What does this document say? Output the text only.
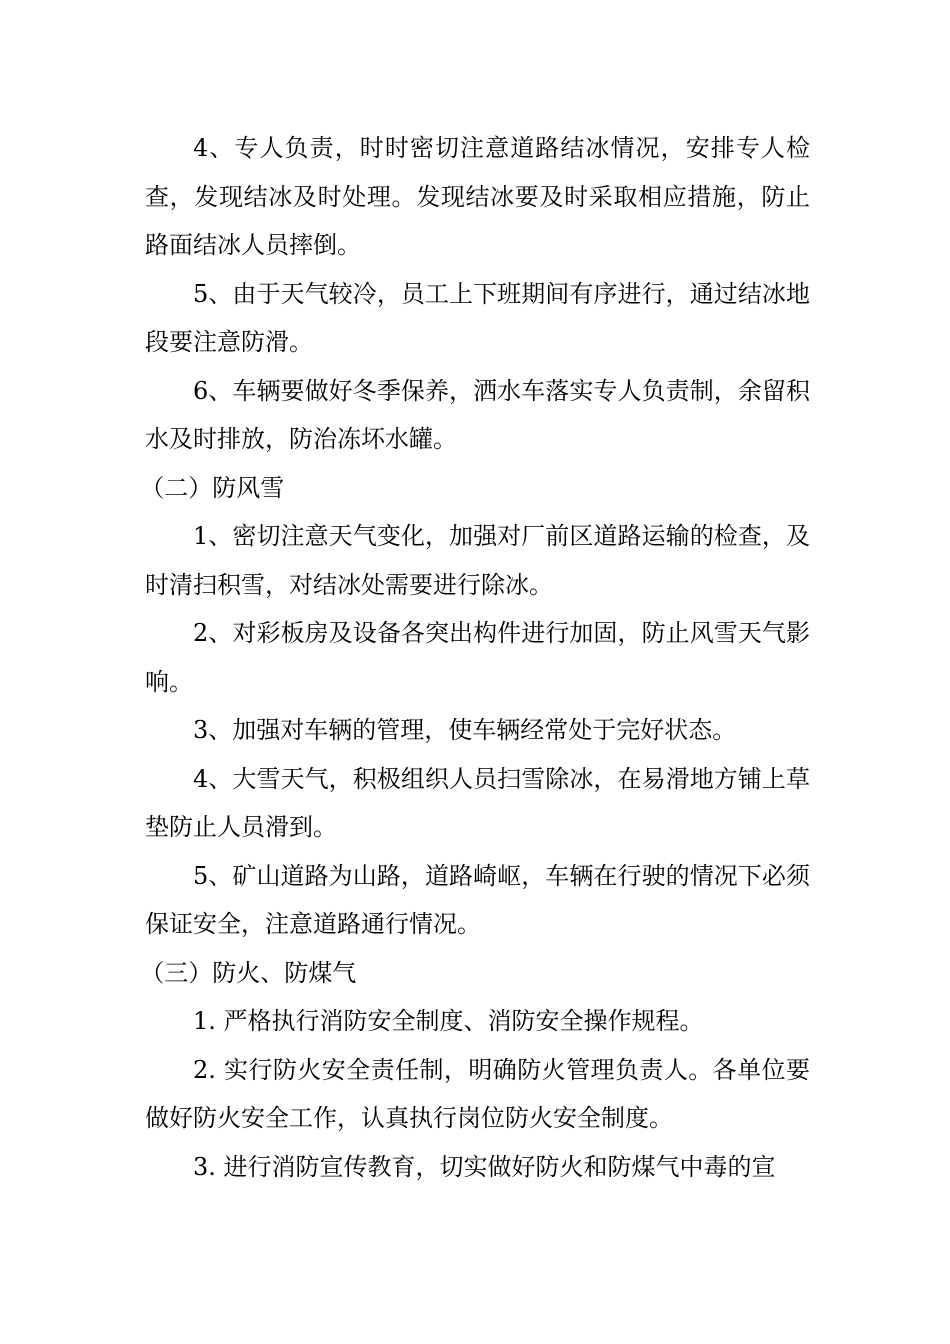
4、专人负责，时时密切注意道路结冰情况，安排专人检查，发现结冰及时处理。发现结冰要及时采取相应措施，防止路面结冰人员摔倒。

5、由于天气较冷，员工上下班期间有序进行，通过结冰地段要注意防滑。

6、车辆要做好冬季保养，洒水车落实专人负责制，余留积水及时排放，防治冻坏水罐。

（二）防风雪

1、密切注意天气变化，加强对厂前区道路运输的检查，及时清扫积雪，对结冰处需要进行除冰。

2、对彩板房及设备各突出构件进行加固，防止风雪天气影响。

3、加强对车辆的管理，使车辆经常处于完好状态。

4、大雪天气，积极组织人员扫雪除冰，在易滑地方铺上草垫防止人员滑到。

5、矿山道路为山路，道路崎岖，车辆在行驶的情况下必须保证安全，注意道路通行情况。

（三）防火、防煤气

1. 严格执行消防安全制度、消防安全操作规程。

2. 实行防火安全责任制，明确防火管理负责人。各单位要做好防火安全工作，认真执行岗位防火安全制度。

3. 进行消防宣传教育，切实做好防火和防煤气中毒的宣
